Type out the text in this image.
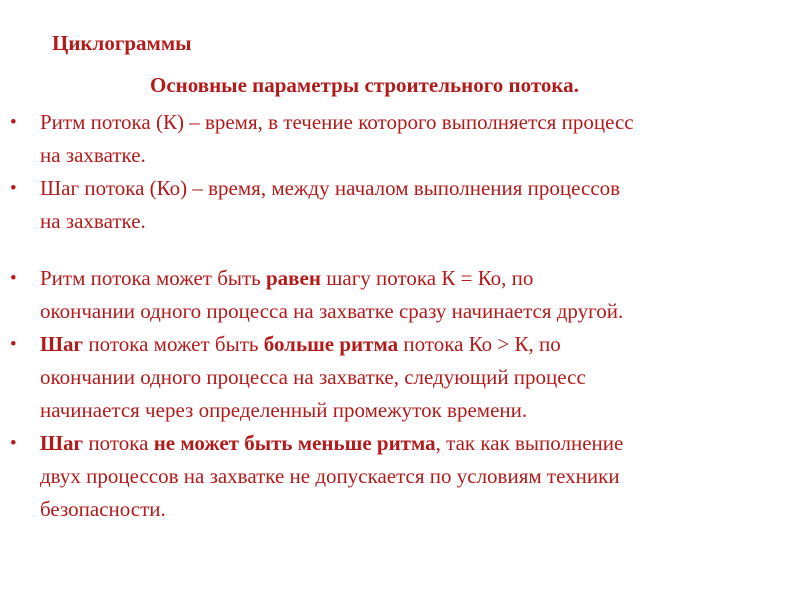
Циклограммы
Основные параметры строительного потока.
• Ритм потока (К) – время, в течение которого выполняется процесс
на захватке.
• Шаг потока (Ко) – время, между началом выполнения процессов
на захватке.
• Ритм потока может быть равен шагу потока К = Ко, по
окончании одного процесса на захватке сразу начинается другой.
• Шаг потока может быть больше ритма потока Ко > К, по
окончании одного процесса на захватке, следующий процесс
начинается через определенный промежуток времени.
• Шаг потока не может быть меньше ритма, так как выполнение
двух процессов на захватке не допускается по условиям техники
безопасности.
